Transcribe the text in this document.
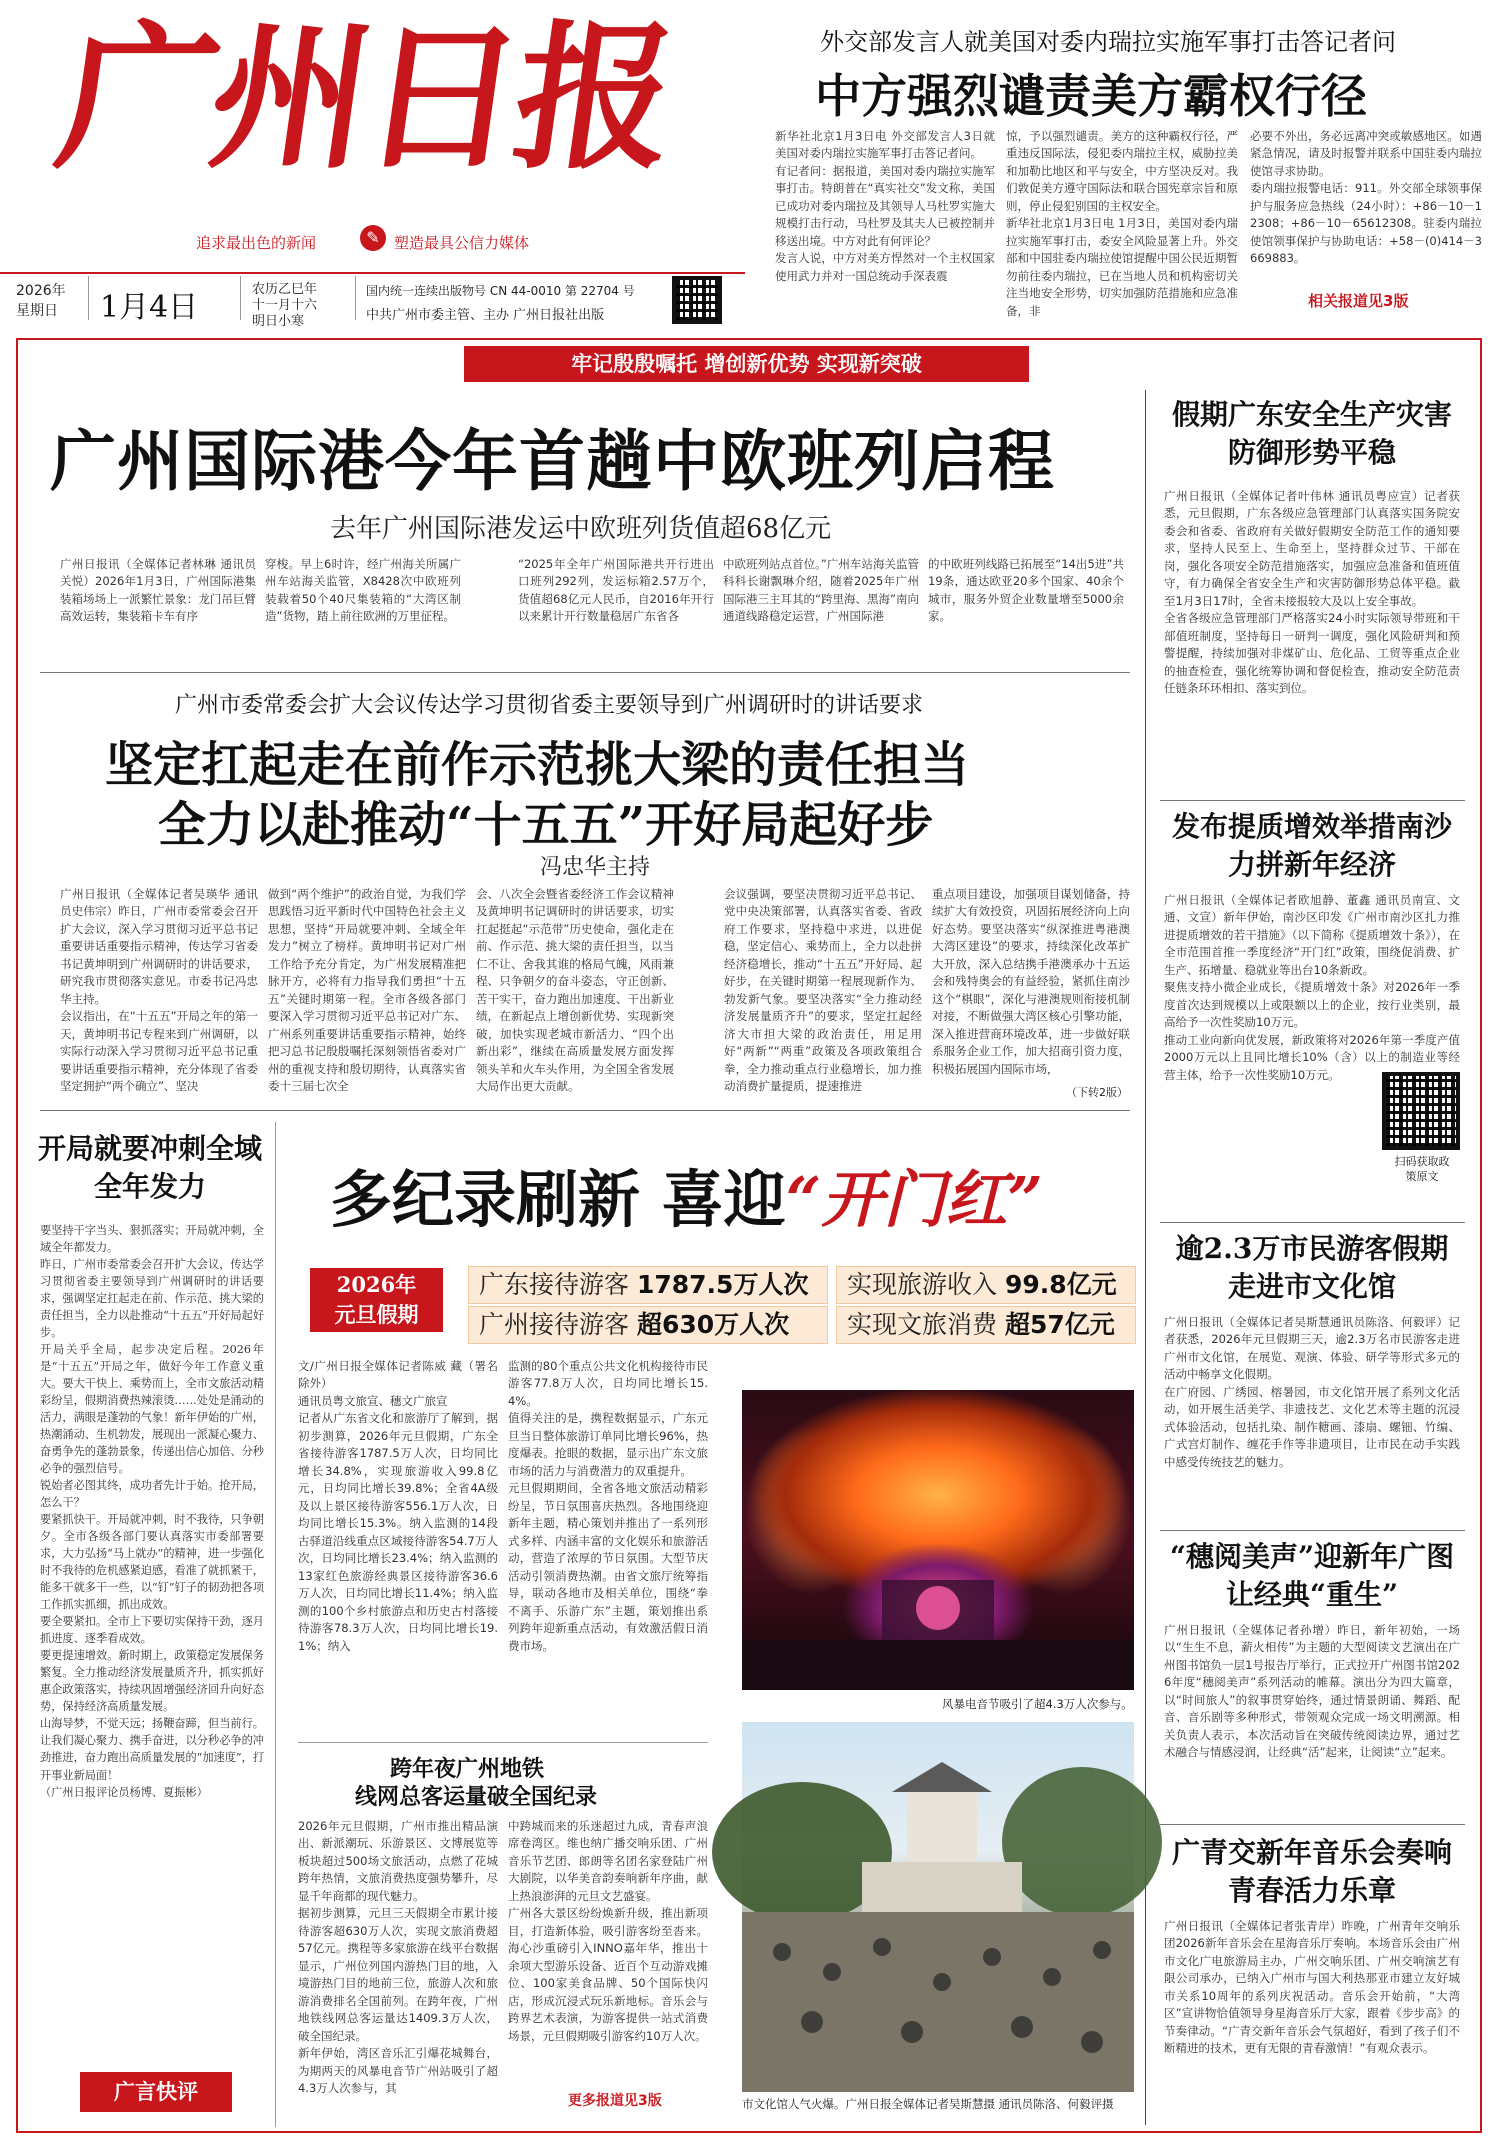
广州日报
追求最出色的新闻	✎ 塑造最具公信力媒体
2026年
星期日 1月4日
农历乙巳年
十一月十六
明日小寒
国内统一连续出版物号 CN 44-0010 第 22704 号
中共广州市委主管、主办 广州日报社出版
外交部发言人就美国对委内瑞拉实施军事打击答记者问
中方强烈谴责美方霸权行径
新华社北京1月3日电 外交部发言人3日就美国对委内瑞拉实施军事打击答记者问。
有记者问：据报道，美国对委内瑞拉实施军事打击。特朗普在“真实社交”发文称，美国已成功对委内瑞拉及其领导人马杜罗实施大规模打击行动，马杜罗及其夫人已被控制并移送出境。中方对此有何评论？
发言人说，中方对美方悍然对一个主权国家使用武力并对一国总统动手深表震
惊，予以强烈谴责。美方的这种霸权行径，严重违反国际法，侵犯委内瑞拉主权，威胁拉美和加勒比地区和平与安全，中方坚决反对。我们敦促美方遵守国际法和联合国宪章宗旨和原则，停止侵犯别国的主权安全。
新华社北京1月3日电 1月3日，美国对委内瑞拉实施军事打击，委安全风险显著上升。外交部和中国驻委内瑞拉使馆提醒中国公民近期暂勿前往委内瑞拉，已在当地人员和机构密切关注当地安全形势，切实加强防范措施和应急准备，非
必要不外出，务必远离冲突或敏感地区。如遇紧急情况，请及时报警并联系中国驻委内瑞拉使馆寻求协助。
委内瑞拉报警电话：911。外交部全球领事保护与服务应急热线（24小时）：+86－10－12308；+86－10－65612308。驻委内瑞拉使馆领事保护与协助电话：+58－(0)414－3669883。
相关报道见3版
牢记殷殷嘱托 增创新优势 实现新突破
广州国际港今年首趟中欧班列启程
去年广州国际港发运中欧班列货值超68亿元
广州日报讯（全媒体记者林琳 通讯员关悦）2026年1月3日，广州国际港集装箱场场上一派繁忙景象：龙门吊巨臂高效运转，集装箱卡车有序
穿梭。早上6时许，经广州海关所属广州车站海关监管，X8428次中欧班列装载着50个40尺集装箱的“大湾区制造”货物，踏上前往欧洲的万里征程。
“2025年全年广州国际港共开行进出口班列292列，发运标箱2.57万个，货值超68亿元人民币，自2016年开行以来累计开行数量稳居广东省各
中欧班列站点首位。”广州车站海关监管科科长谢飘琳介绍，随着2025年广州国际港三主耳其的“跨里海、黑海”南向通道线路稳定运营，广州国际港
的中欧班列线路已拓展至“14出5进”共19条，通达欧亚20多个国家、40余个城市，服务外贸企业数量增至5000余家。
广州市委常委会扩大会议传达学习贯彻省委主要领导到广州调研时的讲话要求
坚定扛起走在前作示范挑大梁的责任担当
全力以赴推动“十五五”开好局起好步
冯忠华主持
广州日报讯（全媒体记者吴瑛华 通讯员史伟宗）昨日，广州市委常委会召开扩大会议，深入学习贯彻习近平总书记重要讲话重要指示精神，传达学习省委书记黄坤明到广州调研时的讲话要求，研究我市贯彻落实意见。市委书记冯忠华主持。
会议指出，在“十五五”开局之年的第一天，黄坤明书记专程来到广州调研，以实际行动深入学习贯彻习近平总书记重要讲话重要指示精神，充分体现了省委坚定拥护“两个确立”、坚决
做到“两个维护”的政治自觉，为我们学思践悟习近平新时代中国特色社会主义思想，坚持“开局就要冲刺、全域全年发力”树立了榜样。黄坤明书记对广州工作给予充分肯定，为广州发展精准把脉开方，必将有力指导我们勇担“十五五”关键时期第一程。全市各级各部门要深入学习贯彻习近平总书记对广东、广州系列重要讲话重要指示精神，始终把习总书记殷殷嘱托深刻领悟省委对广州的重视支持和殷切期待，认真落实省委十三届七次全
会、八次全会暨省委经济工作会议精神及黄坤明书记调研时的讲话要求，切实扛起挺起“示范带”历史使命，强化走在前、作示范、挑大梁的责任担当，以当仁不让、舍我其谁的格局气魄，风雨兼程、只争朝夕的奋斗姿态，守正创新、苦干实干，奋力跑出加速度、干出新业绩，在新起点上增创新优势、实现新突破，加快实现老城市新活力、“四个出新出彩”，继续在高质量发展方面发挥领头羊和火车头作用，为全国全省发展大局作出更大贡献。
会议强调，要坚决贯彻习近平总书记、党中央决策部署，认真落实省委、省政府工作要求，坚持稳中求进，以进促稳，坚定信心、乘势而上，全力以赴拼经济稳增长，推动“十五五”开好局、起好步，在关键时期第一程展现新作为、勃发新气象。要坚决落实“全力推动经济发展量质齐升”的要求，坚定扛起经济大市担大梁的政治责任，用足用好“两新”“两重”政策及各项政策组合拳，全力推动重点行业稳增长，加力推动消费扩量提质，提速推进
重点项目建设，加强项目谋划储备，持续扩大有效投资，巩固拓展经济向上向好态势。要坚决落实“纵深推进粤港澳大湾区建设”的要求，持续深化改革扩大开放，深入总结携手港澳承办十五运会和残特奥会的有益经验，紧抓住南沙这个“棋眼”，深化与港澳规则衔接机制对接，不断做强大湾区核心引擎功能，深入推进营商环境改革，进一步做好联系服务企业工作，加大招商引资力度，积极拓展国内国际市场，
（下转2版）
假期广东安全生产灾害防御形势平稳
广州日报讯（全媒体记者叶伟林 通讯员粤应宣）记者获悉，元旦假期，广东各级应急管理部门认真落实国务院安委会和省委、省政府有关做好假期安全防范工作的通知要求，坚持人民至上、生命至上，坚持群众过节、干部在岗，强化各项安全防范措施落实，加强应急准备和值班值守，有力确保全省安全生产和灾害防御形势总体平稳。截至1月3日17时，全省未接报较大及以上安全事故。
全省各级应急管理部门严格落实24小时实际领导带班和干部值班制度，坚持每日一研判一调度，强化风险研判和预警提醒，持续加强对非煤矿山、危化品、工贸等重点企业的抽查检查，强化统筹协调和督促检查，推动安全防范责任链条环环相扣、落实到位。
发布提质增效举措南沙力拼新年经济
广州日报讯（全媒体记者欧旭静、董鑫 通讯员南宣、文通、文宣）新年伊始，南沙区印发《广州市南沙区扎力推进提质增效的若干措施》（以下简称《提质增效十条》），在全市范围首推一季度经济“开门红”政策，围绕促消费、扩生产、拓增量、稳就业等出台10条新政。
聚焦支持小微企业成长，《提质增效十条》对2026年一季度首次达到规模以上或限额以上的企业，按行业类别，最高给予一次性奖励10万元。
推动工业向新向优发展，新政策将对2026年第一季度产值2000万元以上且同比增长10%（含）以上的制造业等经营主体，给予一次性奖励10万元。
扫码获取政策原文
逾2.3万市民游客假期走进市文化馆
广州日报讯（全媒体记者吴斯慧通讯员陈洛、何毅评）记者获悉，2026年元旦假期三天，逾2.3万名市民游客走进广州市文化馆，在展览、观演、体验、研学等形式多元的活动中畅享文化假期。
在广府园、广绣园、榕暑园，市文化馆开展了系列文化活动，如开展生活美学、非遗技艺、文化艺术等主题的沉浸式体验活动，包括扎染、制作糖画、漆扇、螺钿、竹编、广式宫灯制作、缠花手作等非遗项目，让市民在动手实践中感受传统技艺的魅力。
“穗阅美声”迎新年广图让经典“重生”
广州日报讯（全媒体记者孙增）昨日，新年初始，一场以“生生不息，薪火相传”为主题的大型阅读文艺演出在广州图书馆负一层1号报告厅举行，正式拉开广州图书馆2026年度“穗阅美声”系列活动的帷幕。演出分为四大篇章，以“时间旅人”的叙事贯穿始终，通过情景朗诵、舞蹈、配音、音乐剧等多种形式，带领观众完成一场文明溯源。相关负责人表示，本次活动旨在突破传统阅读边界，通过艺术融合与情感浸润，让经典“活”起来，让阅读“立”起来。
广青交新年音乐会奏响青春活力乐章
广州日报讯（全媒体记者张青岸）昨晚，广州青年交响乐团2026新年音乐会在星海音乐厅奏响。本场音乐会由广州市文化广电旅游局主办，广州交响乐团、广州交响演艺有限公司承办，已纳入广州市与国大利热那亚市建立友好城市关系10周年的系列庆祝活动。音乐会开始前，“大湾区”宣讲物恰值领导身星海音乐厅大家，跟着《步步高》的节奏律动。“广青交新年音乐会气氛超好，看到了孩子们不断精进的技术，更有无限的青春激情！”有观众表示。
开局就要冲刺全域全年发力
要坚持干字当头、狠抓落实；开局就冲刺，全域全年都发力。
昨日，广州市委常委会召开扩大会议，传达学习贯彻省委主要领导到广州调研时的讲话要求，强调坚定扛起走在前、作示范、挑大梁的责任担当，全力以赴推动“十五五”开好局起好步。
开局关乎全局，起步决定后程。2026年是“十五五”开局之年，做好今年工作意义重大。要大干快上、乘势而上，全市文旅活动精彩纷呈，假期消费热辣滚烫……处处是涌动的活力，满眼是蓬勃的气象！新年伊始的广州，热潮涌动、生机勃发，展现出一派凝心聚力、奋勇争先的蓬勃景象，传递出信心加倍、分秒必争的强烈信号。
锐始者必图其终，成功者先计于始。抢开局，怎么干？
要紧抓快干。开局就冲刺，时不我待，只争朝夕。全市各级各部门要认真落实市委部署要求，大力弘扬“马上就办”的精神，进一步强化时不我待的危机感紧迫感，看准了就抓紧干，能多干就多干一些，以“钉”钉子的韧劲把各项工作抓实抓细，抓出成效。
要全要紧扣。全市上下要切实保持干劲，逐月抓进度、逐季看成效。
要更提速增效。新时期上，政策稳定发展保务繁复。全力推动经济发展量质齐升，抓实抓好惠企政策落实，持续巩固增强经济回升向好态势，保持经济高质量发展。
山海导梦，不觉天远；扬鞭奋蹄，但当前行。让我们凝心聚力、携手奋进，以分秒必争的冲劲推进，奋力跑出高质量发展的“加速度”，打开事业新局面！
（广州日报评论员杨博、夏振彬）
广言快评
多纪录刷新 喜迎“开门红”
2026年
元旦假期
广东接待游客 1787.5万人次	实现旅游收入 99.8亿元
广州接待游客 超630万人次	实现文旅消费 超57亿元
文/广州日报全媒体记者陈威 藏（署名除外）
通讯员粤文旅宣、穗文广旅宣
记者从广东省文化和旅游厅了解到，据初步测算，2026年元旦假期，广东全省接待游客1787.5万人次，日均同比增长34.8%，实现旅游收入99.8亿元，日均同比增长39.8%；全省4A级及以上景区接待游客556.1万人次，日均同比增长15.3%。纳入监测的14段古驿道沿线重点区域接待游客54.7万人次，日均同比增长23.4%；纳入监测的13家红色旅游经典景区接待游客36.6万人次，日均同比增长11.4%；纳入监测的100个乡村旅游点和历史古村落接待游客78.3万人次，日均同比增长19.1%；纳入
监测的80个重点公共文化机构接待市民游客77.8万人次，日均同比增长15.4%。
值得关注的是，携程数据显示，广东元旦当日整体旅游订单同比增长96%，热度爆表。抢眼的数据，显示出广东文旅市场的活力与消费潜力的双重提升。
元旦假期期间，全省各地文旅活动精彩纷呈，节日氛围喜庆热烈。各地围绕迎新年主题，精心策划并推出了一系列形式多样、内涵丰富的文化娱乐和旅游活动，营造了浓厚的节日氛围。大型节庆活动引领消费热潮。由省文旅厅统筹指导，联动各地市及相关单位，围绕“拳不离手、乐游广东”主题，策划推出系列跨年迎新重点活动，有效激活假日消费市场。
风暴电音节吸引了超4.3万人次参与。
跨年夜广州地铁
线网总客运量破全国纪录
2026年元旦假期，广州市推出精品演出、新派潮玩、乐游景区、文博展览等板块超过500场文旅活动，点燃了花城跨年热情，文旅消费热度强势攀升，尽显千年商都的现代魅力。
据初步测算，元旦三天假期全市累计接待游客超630万人次，实现文旅消费超57亿元。携程等多家旅游在线平台数据显示，广州位列国内游热门目的地，入境游热门目的地前三位，旅游人次和旅游消费排名全国前列。在跨年夜，广州地铁线网总客运量达1409.3万人次，破全国纪录。
新年伊始，湾区音乐汇引爆花城舞台，为期两天的风暴电音节广州站吸引了超4.3万人次参与，其
中跨城而来的乐迷超过九成，青春声浪席卷湾区。维也纳广播交响乐团、广州音乐节艺团、郎朗等名团名家登陆广州大剧院，以华美音韵奏响新年序曲，献上热浪澎湃的元旦文艺盛宴。
广州各大景区纷纷焕新升级，推出新项目，打造新体验，吸引游客纷至沓来。海心沙重磅引入INNO嘉年华，推出十余项大型游乐设备、近百个互动游戏摊位、100家美食品牌、50个国际快闪店，形成沉浸式玩乐新地标。音乐会与跨界艺术表演，为游客提供一站式消费场景，元旦假期吸引游客约10万人次。
更多报道见3版	市文化馆人气火爆。广州日报全媒体记者吴斯慧摄 通讯员陈洛、何毅评摄
